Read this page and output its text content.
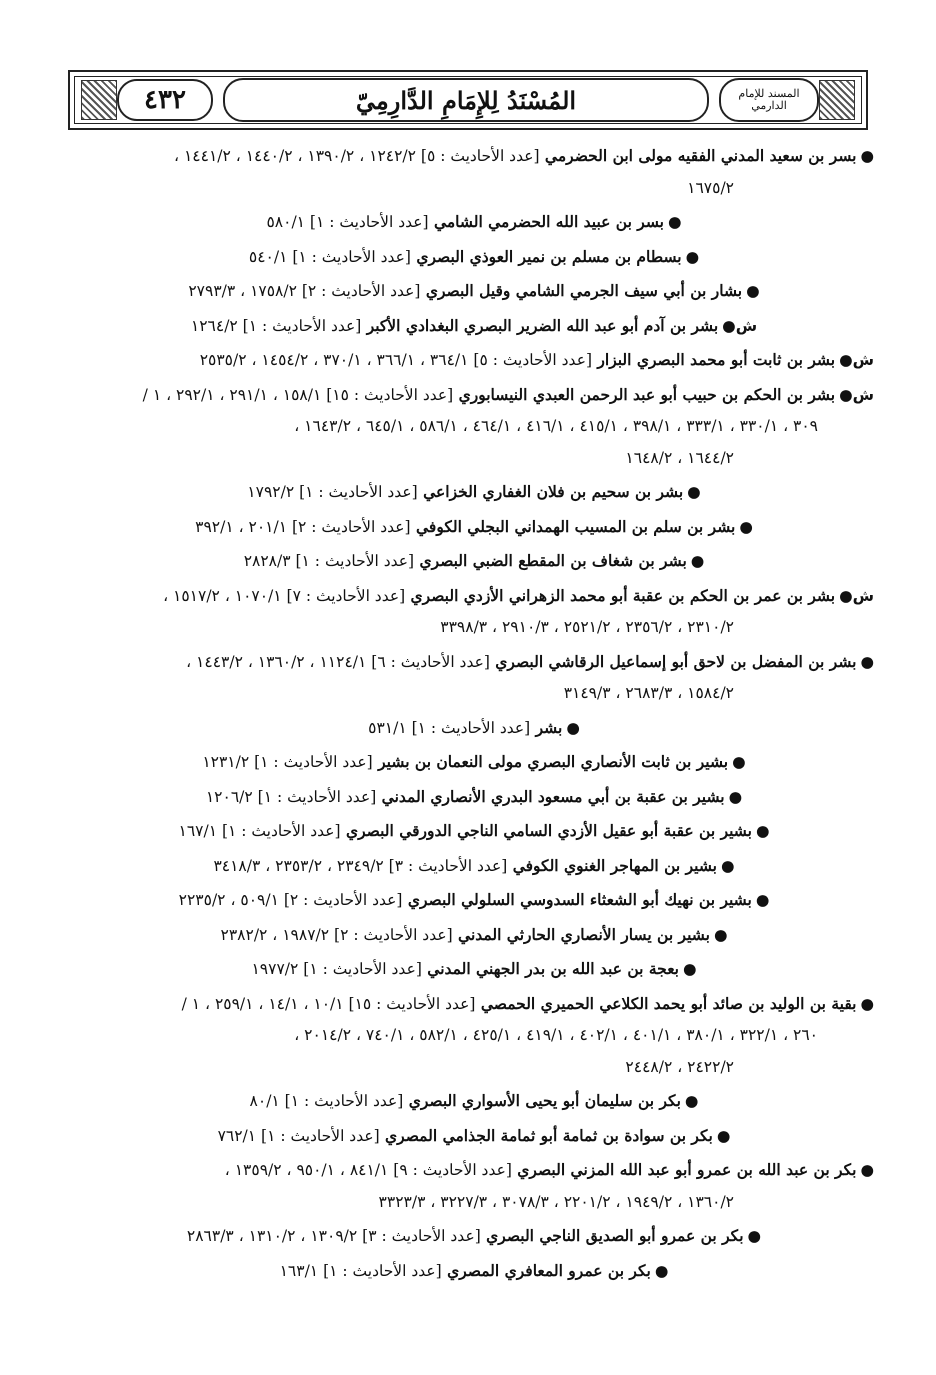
٤٣٢	المُسْنَدُ لِلإِمَامِ الدَّارِمِيّ	المسند للإمام الدارمي
●بسر بن سعيد المدني الفقيه مولى ابن الحضرمي [عدد الأحاديث : ٥] ١٢٤٢/٢ ، ١٣٩٠/٢ ، ١٤٤٠/٢ ، ١٤٤١/٢ ،
١٦٧٥/٢
●بسر بن عبيد الله الحضرمي الشامي [عدد الأحاديث : ١] ٥٨٠/١
●بسطام بن مسلم بن نمير العوذي البصري [عدد الأحاديث : ١] ٥٤٠/١
●بشار بن أبي سيف الجرمي الشامي وقيل البصري [عدد الأحاديث : ٢] ١٧٥٨/٢ ، ٢٧٩٣/٣
ش●بشر بن آدم أبو عبد الله الضرير البصري البغدادي الأكبر [عدد الأحاديث : ١] ١٢٦٤/٢
ش●بشر بن ثابت أبو محمد البصري البزار [عدد الأحاديث : ٥] ٣٦٤/١ ، ٣٦٦/١ ، ٣٧٠/١ ، ١٤٥٤/٢ ، ٢٥٣٥/٢
ش●بشر بن الحكم بن حبيب أبو عبد الرحمن العبدي النيسابوري [عدد الأحاديث : ١٥] ١٥٨/١ ، ٢٩١/١ ، ٢٩٢/١ ، ١ /
٣٠٩ ، ٣٣٠/١ ، ٣٣٣/١ ، ٣٩٨/١ ، ٤١٥/١ ، ٤١٦/١ ، ٤٦٤/١ ، ٥٨٦/١ ، ٦٤٥/١ ، ١٦٤٣/٢ ،
١٦٤٤/٢ ، ١٦٤٨/٢
●بشر بن سحيم بن فلان الغفاري الخزاعي [عدد الأحاديث : ١] ١٧٩٢/٢
●بشر بن سلم بن المسيب الهمداني البجلي الكوفي [عدد الأحاديث : ٢] ٢٠١/١ ، ٣٩٢/١
●بشر بن شغاف بن المقطع الضبي البصري [عدد الأحاديث : ١] ٢٨٢٨/٣
ش●بشر بن عمر بن الحكم بن عقبة أبو محمد الزهراني الأزدي البصري [عدد الأحاديث : ٧] ١٠٧٠/١ ، ١٥١٧/٢ ،
٢٣١٠/٢ ، ٢٣٥٦/٢ ، ٢٥٢١/٢ ، ٢٩١٠/٣ ، ٣٣٩٨/٣
●بشر بن المفضل بن لاحق أبو إسماعيل الرقاشي البصري [عدد الأحاديث : ٦] ١١٢٤/١ ، ١٣٦٠/٢ ، ١٤٤٣/٢ ،
١٥٨٤/٢ ، ٢٦٨٣/٣ ، ٣١٤٩/٣
●بشر [عدد الأحاديث : ١] ٥٣١/١
●بشير بن ثابت الأنصاري البصري مولى النعمان بن بشير [عدد الأحاديث : ١] ١٢٣١/٢
●بشير بن عقبة بن أبي مسعود البدري الأنصاري المدني [عدد الأحاديث : ١] ١٢٠٦/٢
●بشير بن عقبة أبو عقيل الأزدي السامي الناجي الدورقي البصري [عدد الأحاديث : ١] ١٦٧/١
●بشير بن المهاجر الغنوي الكوفي [عدد الأحاديث : ٣] ٢٣٤٩/٢ ، ٢٣٥٣/٢ ، ٣٤١٨/٣
●بشير بن نهيك أبو الشعثاء السدوسي السلولي البصري [عدد الأحاديث : ٢] ٥٠٩/١ ، ٢٢٣٥/٢
●بشير بن يسار الأنصاري الحارثي المدني [عدد الأحاديث : ٢] ١٩٨٧/٢ ، ٢٣٨٢/٢
●بعجة بن عبد الله بن بدر الجهني المدني [عدد الأحاديث : ١] ١٩٧٧/٢
●بقية بن الوليد بن صائد أبو يحمد الكلاعي الحميري الحمصي [عدد الأحاديث : ١٥] ١٠/١ ، ١٤/١ ، ٢٥٩/١ ، ١ /
٢٦٠ ، ٣٢٢/١ ، ٣٨٠/١ ، ٤٠١/١ ، ٤٠٢/١ ، ٤١٩/١ ، ٤٢٥/١ ، ٥٨٢/١ ، ٧٤٠/١ ، ٢٠١٤/٢ ،
٢٤٢٢/٢ ، ٢٤٤٨/٢
●بكر بن سليمان أبو يحيى الأسواري البصري [عدد الأحاديث : ١] ٨٠/١
●بكر بن سوادة بن ثمامة أبو ثمامة الجذامي المصري [عدد الأحاديث : ١] ٧٦٢/١
●بكر بن عبد الله بن عمرو أبو عبد الله المزني البصري [عدد الأحاديث : ٩] ٨٤١/١ ، ٩٥٠/١ ، ١٣٥٩/٢ ،
١٣٦٠/٢ ، ١٩٤٩/٢ ، ٢٢٠١/٢ ، ٣٠٧٨/٣ ، ٣٢٢٧/٣ ، ٣٣٢٣/٣
●بكر بن عمرو أبو الصديق الناجي البصري [عدد الأحاديث : ٣] ١٣٠٩/٢ ، ١٣١٠/٢ ، ٢٨٦٣/٣
●بكر بن عمرو المعافري المصري [عدد الأحاديث : ١] ١٦٣/١
